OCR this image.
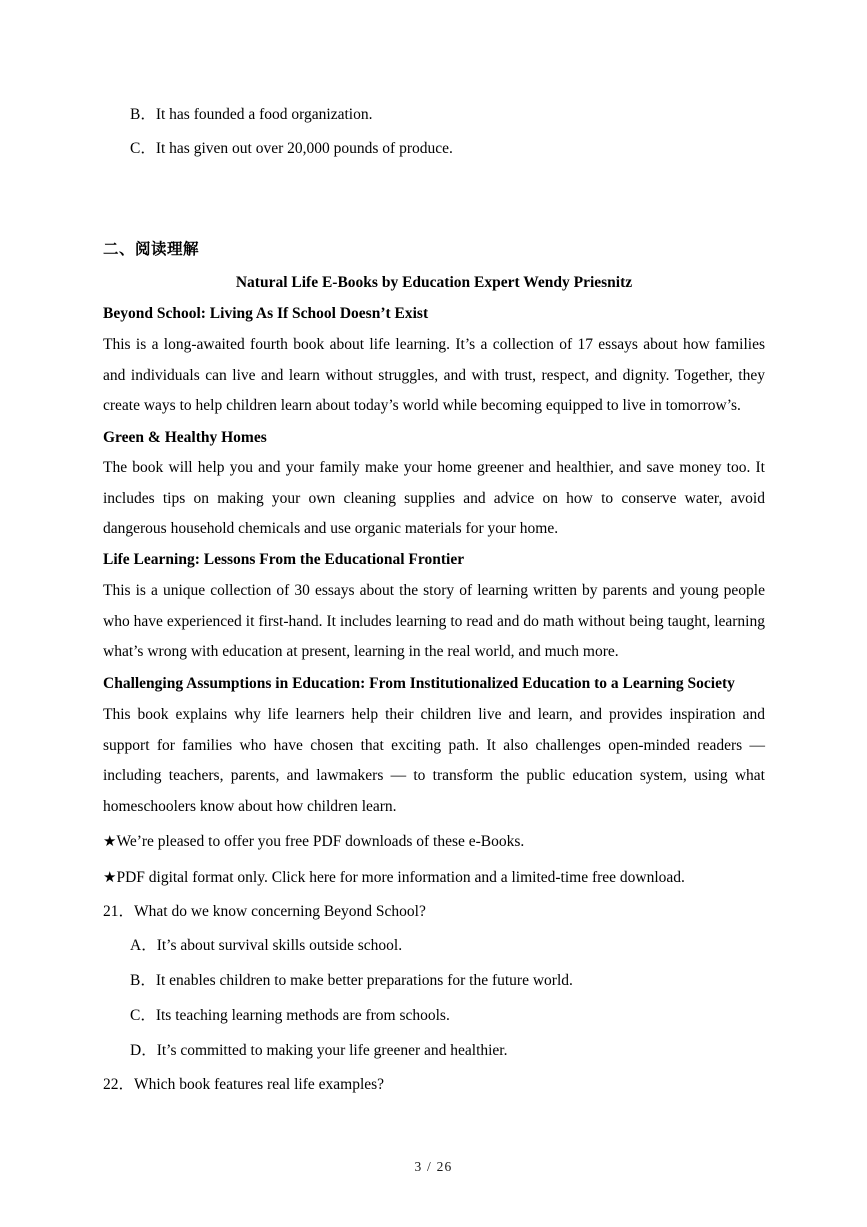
B．It has founded a food organization.

C．It has given out over 20,000 pounds of produce.

二、阅读理解

Natural Life E-Books by Education Expert Wendy Priesnitz

Beyond School: Living As If School Doesn’t Exist

This is a long-awaited fourth book about life learning. It’s a collection of 17 essays about how families and individuals can live and learn without struggles, and with trust, respect, and dignity. Together, they create ways to help children learn about today’s world while becoming equipped to live in tomorrow’s.

Green & Healthy Homes

The book will help you and your family make your home greener and healthier, and save money too. It includes tips on making your own cleaning supplies and advice on how to conserve water, avoid dangerous household chemicals and use organic materials for your home.

Life Learning: Lessons From the Educational Frontier

This is a unique collection of 30 essays about the story of learning written by parents and young people who have experienced it first-hand. It includes learning to read and do math without being taught, learning what’s wrong with education at present, learning in the real world, and much more.

Challenging Assumptions in Education: From Institutionalized Education to a Learning Society

This book explains why life learners help their children live and learn, and provides inspiration and support for families who have chosen that exciting path. It also challenges open-minded readers — including teachers, parents, and lawmakers — to transform the public education system, using what homeschoolers know about how children learn.

★We’re pleased to offer you free PDF downloads of these e-Books.

★PDF digital format only. Click here for more information and a limited-time free download.

21．What do we know concerning Beyond School?

A．It’s about survival skills outside school.

B．It enables children to make better preparations for the future world.

C．Its teaching learning methods are from schools.

D．It’s committed to making your life greener and healthier.

22．Which book features real life examples?

3 / 26
